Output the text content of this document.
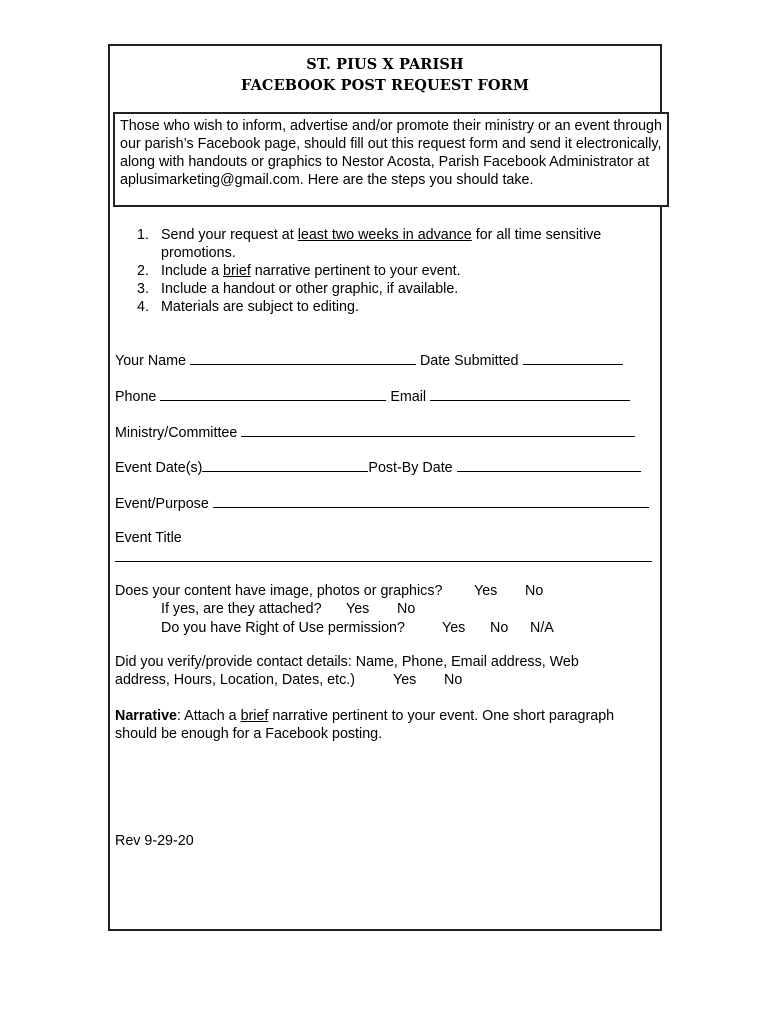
ST. PIUS X PARISH
FACEBOOK POST REQUEST FORM

Those who wish to inform, advertise and/or promote their ministry or an event through our parish’s Facebook page, should fill out this request form and send it electronically, along with handouts or graphics to Nestor Acosta, Parish Facebook Administrator at aplusimarketing@gmail.com. Here are the steps you should take.

1. Send your request at least two weeks in advance for all time sensitive
promotions.
2. Include a brief narrative pertinent to your event.
3. Include a handout or other graphic, if available.
4. Materials are subject to editing.
Your Name	Date Submitted
Phone	Email
Ministry/Committee
Event Date(s)	Post-By Date
Event/Purpose
Event Title
Does your content have image, photos or graphics? Yes No
If yes, are they attached? Yes No
Do you have Right of Use permission?	Yes No N/A
Did you verify/provide contact details: Name, Phone, Email address, Web
address, Hours, Location, Dates, etc.)	Yes No
Narrative: Attach a brief narrative pertinent to your event. One short paragraph
should be enough for a Facebook posting.
Rev 9-29-20
